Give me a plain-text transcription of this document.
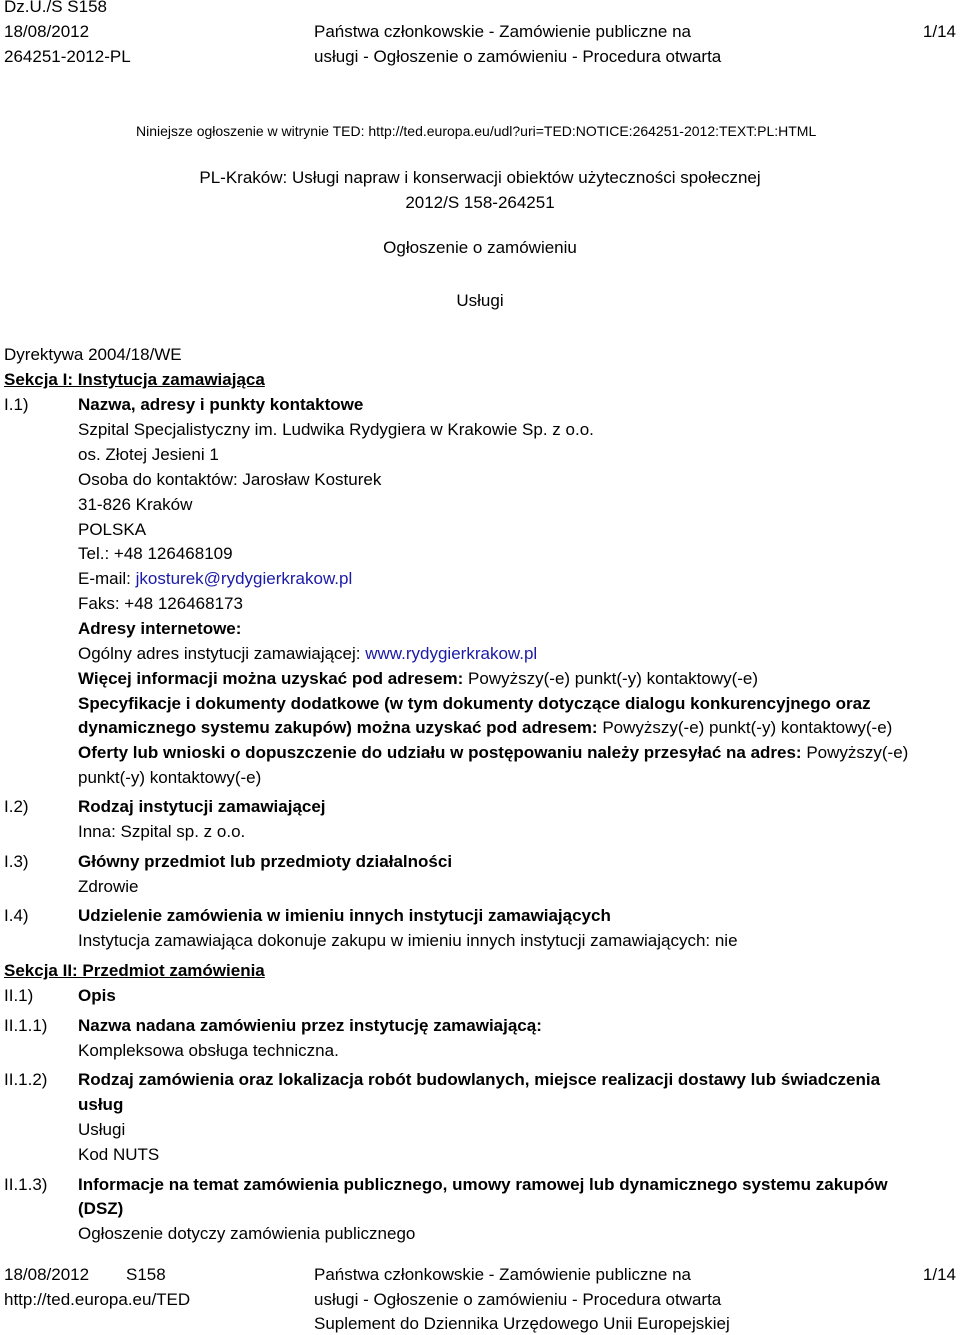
Dz.U./S S158
18/08/2012
264251-2012-PL
Państwa członkowskie - Zamówienie publiczne na
usługi - Ogłoszenie o zamówieniu - Procedura otwarta
1/14
Niniejsze ogłoszenie w witrynie TED: http://ted.europa.eu/udl?uri=TED:NOTICE:264251-2012:TEXT:PL:HTML
PL-Kraków: Usługi napraw i konserwacji obiektów użyteczności społecznej
2012/S 158-264251
Ogłoszenie o zamówieniu
Usługi
Dyrektywa 2004/18/WE
Sekcja I: Instytucja zamawiająca
I.1)	Nazwa, adresy i punkty kontaktowe
Szpital Specjalistyczny im. Ludwika Rydygiera w Krakowie Sp. z o.o.
os. Złotej Jesieni 1
Osoba do kontaktów: Jarosław Kosturek
31-826 Kraków
POLSKA
Tel.: +48 126468109
E-mail: jkosturek@rydygierkrakow.pl
Faks: +48 126468173
Adresy internetowe:
Ogólny adres instytucji zamawiającej: www.rydygierkrakow.pl
Więcej informacji można uzyskać pod adresem: Powyższy(-e) punkt(-y) kontaktowy(-e)
Specyfikacje i dokumenty dodatkowe (w tym dokumenty dotyczące dialogu konkurencyjnego oraz
dynamicznego systemu zakupów) można uzyskać pod adresem: Powyższy(-e) punkt(-y) kontaktowy(-e)
Oferty lub wnioski o dopuszczenie do udziału w postępowaniu należy przesyłać na adres: Powyższy(-e)
punkt(-y) kontaktowy(-e)
I.2)	Rodzaj instytucji zamawiającej
Inna: Szpital sp. z o.o.
I.3)	Główny przedmiot lub przedmioty działalności
Zdrowie
I.4)	Udzielenie zamówienia w imieniu innych instytucji zamawiających
Instytucja zamawiająca dokonuje zakupu w imieniu innych instytucji zamawiających: nie
Sekcja II: Przedmiot zamówienia
II.1)	Opis
II.1.1) Nazwa nadana zamówieniu przez instytucję zamawiającą:
Kompleksowa obsługa techniczna.
II.1.2) Rodzaj zamówienia oraz lokalizacja robót budowlanych, miejsce realizacji dostawy lub świadczenia
usług
Usługi
Kod NUTS
II.1.3) Informacje na temat zamówienia publicznego, umowy ramowej lub dynamicznego systemu zakupów
(DSZ)
Ogłoszenie dotyczy zamówienia publicznego
18/08/2012 S158
http://ted.europa.eu/TED
Państwa członkowskie - Zamówienie publiczne na
usługi - Ogłoszenie o zamówieniu - Procedura otwarta
Suplement do Dziennika Urzędowego Unii Europejskiej
1/14
